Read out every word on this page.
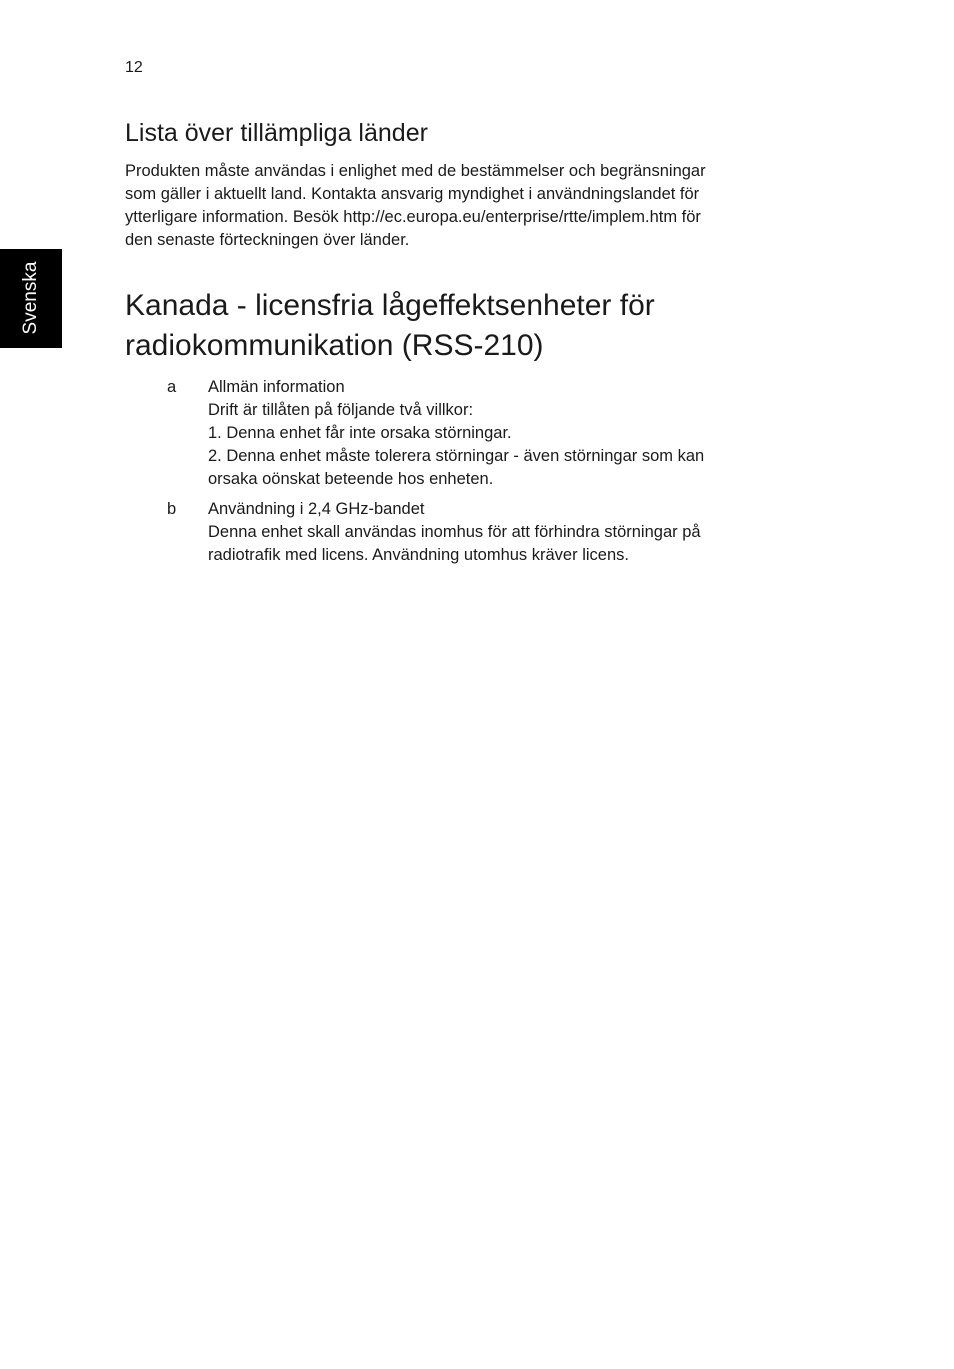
12
Svenska
Lista över tillämpliga länder

Produkten måste användas i enlighet med de bestämmelser och begränsningar
som gäller i aktuellt land. Kontakta ansvarig myndighet i användningslandet för
ytterligare information. Besök http://ec.europa.eu/enterprise/rtte/implem.htm för
den senaste förteckningen över länder.

Kanada - licensfria lågeffektsenheter för
radiokommunikation (RSS-210)
a Allmän information
Drift är tillåten på följande två villkor:
1. Denna enhet får inte orsaka störningar.
2. Denna enhet måste tolerera störningar - även störningar som kan
orsaka oönskat beteende hos enheten.
b Användning i 2,4 GHz-bandet
Denna enhet skall användas inomhus för att förhindra störningar på
radiotrafik med licens. Användning utomhus kräver licens.
